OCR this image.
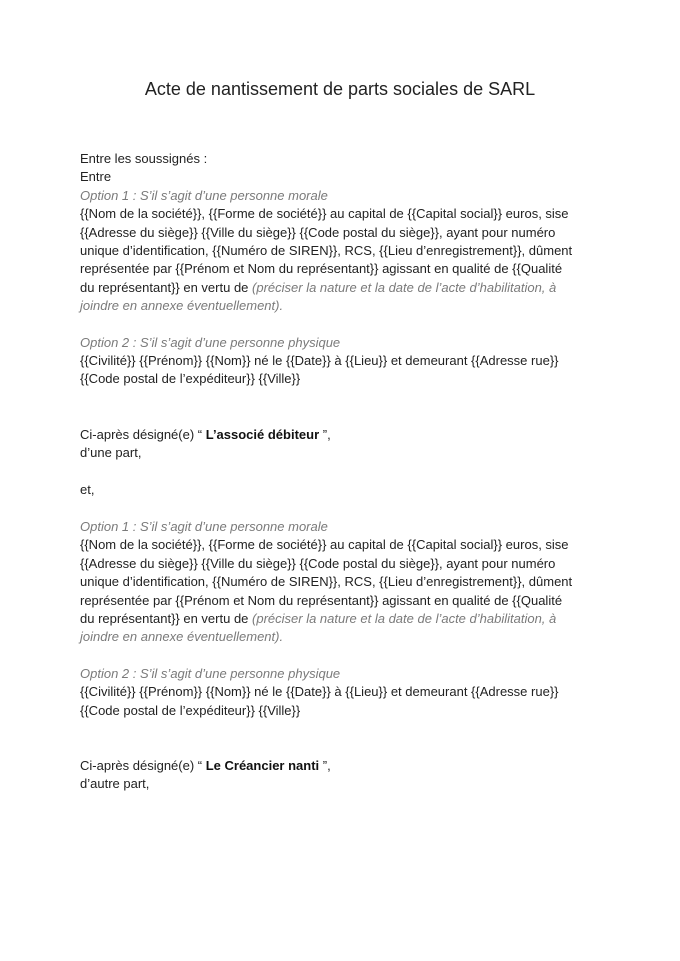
Acte de nantissement de parts sociales de SARL
Entre les soussignés :
Entre
Option 1 : S’il s’agit d’une personne morale
{{Nom de la société}}, {{Forme de société}} au capital de {{Capital social}} euros, sise
{{Adresse du siège}} {{Ville du siège}} {{Code postal du siège}}, ayant pour numéro
unique d’identification, {{Numéro de SIREN}}, RCS, {{Lieu d’enregistrement}}, dûment
représentée par {{Prénom et Nom du représentant}} agissant en qualité de {{Qualité
du représentant}} en vertu de (préciser la nature et la date de l’acte d’habilitation, à
joindre en annexe éventuellement).
Option 2 : S’il s’agit d’une personne physique
{{Civilité}} {{Prénom}} {{Nom}} né le {{Date}} à {{Lieu}} et demeurant {{Adresse rue}}
{{Code postal de l’expéditeur}} {{Ville}}
Ci-après désigné(e) “ L’associé débiteur ”,
d’une part,
et,
Option 1 : S’il s’agit d’une personne morale
{{Nom de la société}}, {{Forme de société}} au capital de {{Capital social}} euros, sise
{{Adresse du siège}} {{Ville du siège}} {{Code postal du siège}}, ayant pour numéro
unique d’identification, {{Numéro de SIREN}}, RCS, {{Lieu d’enregistrement}}, dûment
représentée par {{Prénom et Nom du représentant}} agissant en qualité de {{Qualité
du représentant}} en vertu de (préciser la nature et la date de l’acte d’habilitation, à
joindre en annexe éventuellement).
Option 2 : S’il s’agit d’une personne physique
{{Civilité}} {{Prénom}} {{Nom}} né le {{Date}} à {{Lieu}} et demeurant {{Adresse rue}}
{{Code postal de l’expéditeur}} {{Ville}}
Ci-après désigné(e) “ Le Créancier nanti ”,
d’autre part,
